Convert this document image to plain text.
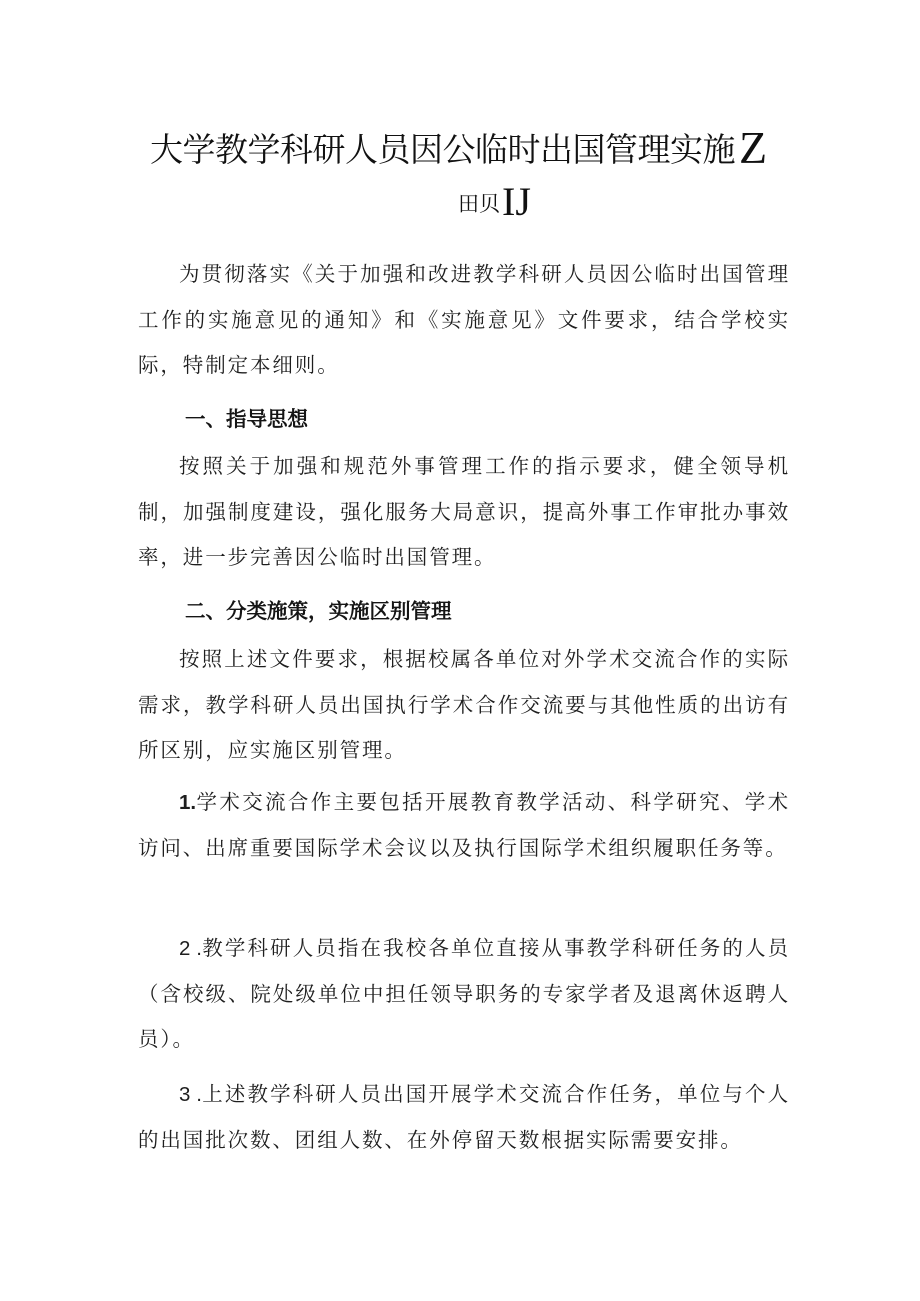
大学教学科研人员因公临时出国管理实施Z
田贝IJ

为贯彻落实《关于加强和改进教学科研人员因公临时出国管理工作的实施意见的通知》和《实施意见》文件要求，结合学校实际，特制定本细则。

一、指导思想

按照关于加强和规范外事管理工作的指示要求，健全领导机制，加强制度建设，强化服务大局意识，提高外事工作审批办事效率，进一步完善因公临时出国管理。

二、分类施策，实施区别管理

按照上述文件要求，根据校属各单位对外学术交流合作的实际需求，教学科研人员出国执行学术合作交流要与其他性质的出访有所区别，应实施区别管理。

1.学术交流合作主要包括开展教育教学活动、科学研究、学术访问、出席重要国际学术会议以及执行国际学术组织履职任务等。

2 .教学科研人员指在我校各单位直接从事教学科研任务的人员（含校级、院处级单位中担任领导职务的专家学者及退离休返聘人员）。

3 .上述教学科研人员出国开展学术交流合作任务，单位与个人的出国批次数、团组人数、在外停留天数根据实际需要安排。
